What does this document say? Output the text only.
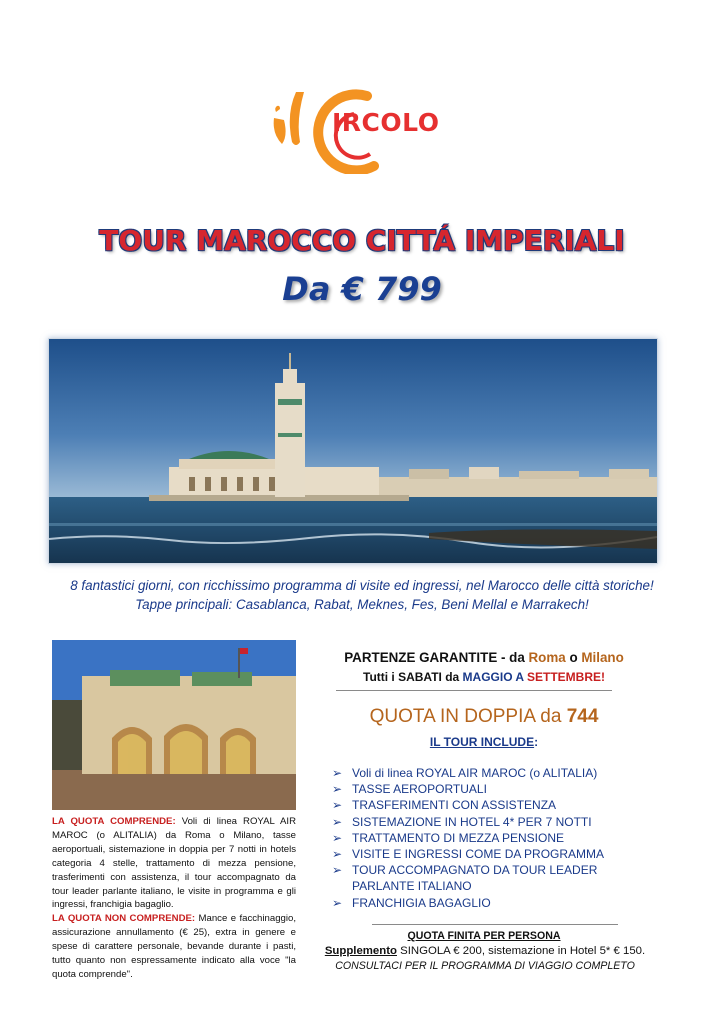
IRCOLO
TOUR MAROCCO CITTÁ IMPERIALI
Da € 799
8 fantastici giorni, con ricchissimo programma di visite ed ingressi, nel Marocco delle città storiche! Tappe principali: Casablanca, Rabat, Meknes, Fes, Beni Mellal e Marrakech!
LA QUOTA COMPRENDE: Voli di linea ROYAL AIR MAROC (o ALITALIA) da Roma o Milano, tasse aeroportuali, sistemazione in doppia per 7 notti in hotels categoria 4 stelle, trattamento di mezza pensione, trasferimenti con assistenza, il tour accompagnato da tour leader parlante italiano, le visite in programma e gli ingressi, franchigia bagaglio.
LA QUOTA NON COMPRENDE: Mance e facchinaggio, assicurazione annullamento (€ 25), extra in genere e spese di carattere personale, bevande durante i pasti, tutto quanto non espressamente indicato alla voce "la quota comprende".
PARTENZE GARANTITE - da Roma o Milano
Tutti i SABATI da MAGGIO A SETTEMBRE!
QUOTA IN DOPPIA da 744
IL TOUR INCLUDE:
➢ Voli di linea ROYAL AIR MAROC (o ALITALIA)
➢ TASSE AEROPORTUALI
➢ TRASFERIMENTI CON ASSISTENZA
➢ SISTEMAZIONE IN HOTEL 4* PER 7 NOTTI
➢ TRATTAMENTO DI MEZZA PENSIONE
➢ VISITE E INGRESSI COME DA PROGRAMMA
➢ TOUR ACCOMPAGNATO DA TOUR LEADER PARLANTE ITALIANO
➢ FRANCHIGIA BAGAGLIO
QUOTA FINITA PER PERSONA
Supplemento SINGOLA € 200, sistemazione in Hotel 5* € 150.
CONSULTACI PER IL PROGRAMMA DI VIAGGIO COMPLETO
